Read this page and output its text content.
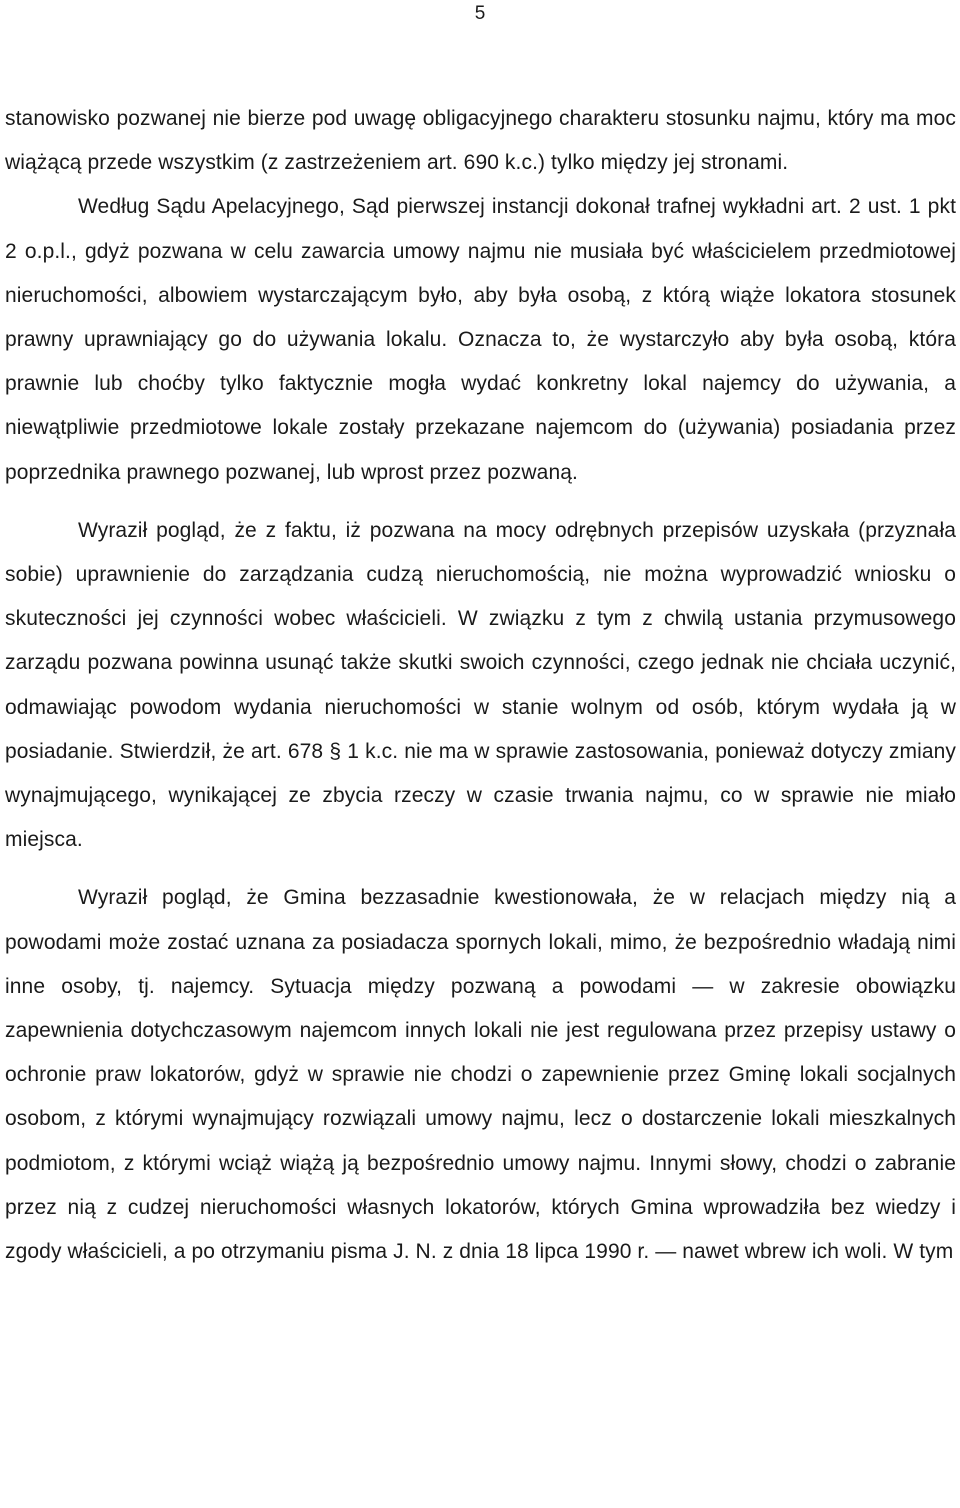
5

stanowisko pozwanej nie bierze pod uwagę obligacyjnego charakteru stosunku najmu, który ma moc wiążącą przede wszystkim (z zastrzeżeniem art. 690 k.c.) tylko między jej stronami.

Według Sądu Apelacyjnego, Sąd pierwszej instancji dokonał trafnej wykładni art. 2 ust. 1 pkt 2 o.p.l., gdyż pozwana w celu zawarcia umowy najmu nie musiała być właścicielem przedmiotowej nieruchomości, albowiem wystarczającym było, aby była osobą, z którą wiąże lokatora stosunek prawny uprawniający go do używania lokalu. Oznacza to, że wystarczyło aby była osobą, która prawnie lub choćby tylko faktycznie mogła wydać konkretny lokal najemcy do używania, a niewątpliwie przedmiotowe lokale zostały przekazane najemcom do (używania) posiadania przez poprzednika prawnego pozwanej, lub wprost przez pozwaną.

Wyraził pogląd, że z faktu, iż pozwana na mocy odrębnych przepisów uzyskała (przyznała sobie) uprawnienie do zarządzania cudzą nieruchomością, nie można wyprowadzić wniosku o skuteczności jej czynności wobec właścicieli. W związku z tym z chwilą ustania przymusowego zarządu pozwana powinna usunąć także skutki swoich czynności, czego jednak nie chciała uczynić, odmawiając powodom wydania nieruchomości w stanie wolnym od osób, którym wydała ją w posiadanie. Stwierdził, że art. 678 § 1 k.c. nie ma w sprawie zastosowania, ponieważ dotyczy zmiany wynajmującego, wynikającej ze zbycia rzeczy w czasie trwania najmu, co w sprawie nie miało miejsca.

Wyraził pogląd, że Gmina bezzasadnie kwestionowała, że w relacjach między nią a powodami może zostać uznana za posiadacza spornych lokali, mimo, że bezpośrednio władają nimi inne osoby, tj. najemcy. Sytuacja między pozwaną a powodami — w zakresie obowiązku zapewnienia dotychczasowym najemcom innych lokali nie jest regulowana przez przepisy ustawy o ochronie praw lokatorów, gdyż w sprawie nie chodzi o zapewnienie przez Gminę lokali socjalnych osobom, z którymi wynajmujący rozwiązali umowy najmu, lecz o dostarczenie lokali mieszkalnych podmiotom, z którymi wciąż wiążą ją bezpośrednio umowy najmu. Innymi słowy, chodzi o zabranie przez nią z cudzej nieruchomości własnych lokatorów, których Gmina wprowadziła bez wiedzy i zgody właścicieli, a po otrzymaniu pisma J. N. z dnia 18 lipca 1990 r. — nawet wbrew ich woli. W tym
